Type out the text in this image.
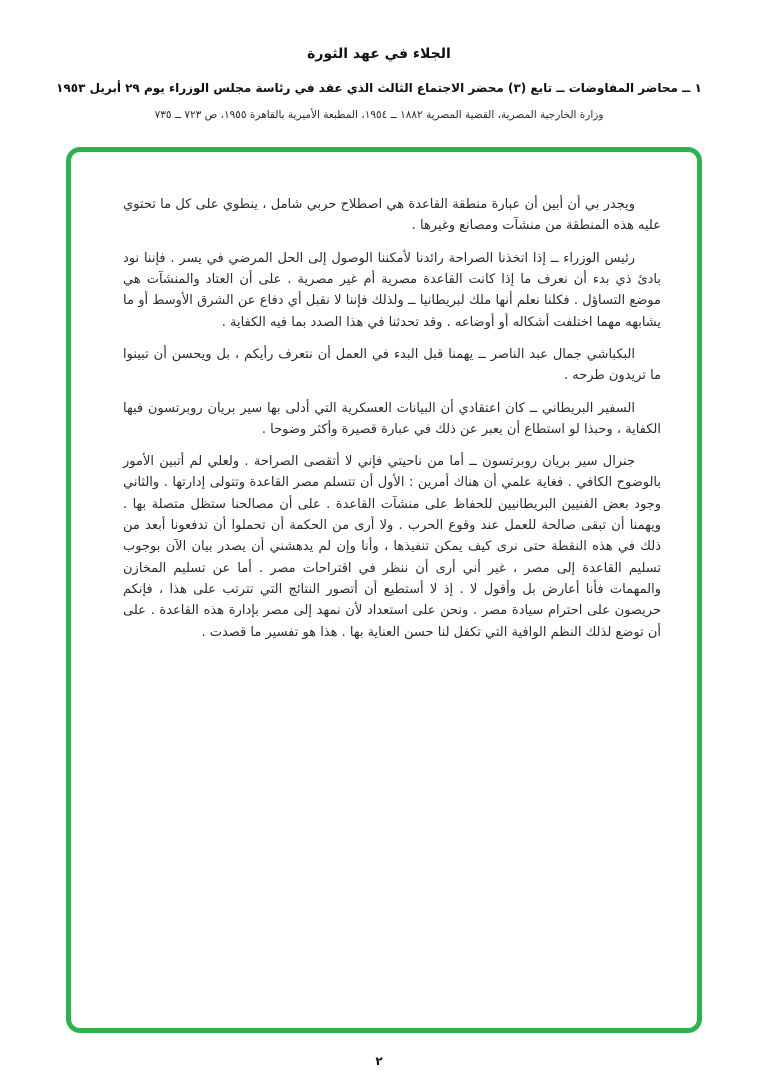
الجلاء في عهد الثورة
١ ــ محاضر المفاوضات ــ تابع (٣) محضر الاجتماع الثالث الذي عقد في رئاسة مجلس الوزراء يوم ٢٩ أبريل ١٩٥٣
وزارة الخارجية المصرية، القضية المصرية ١٨٨٢ ــ ١٩٥٤، المطبعة الأميرية بالقاهرة ١٩٥٥، ص ٧٢٣ ــ ٧٣٥

ويجدر بي أن أبين أن عبارة منطقة القاعدة هي اصطلاح حربي شامل ، ينطوي على كل ما تحتوي عليه هذه المنطقة من منشآت ومصانع وغيرها .

رئيس الوزراء ــ إذا اتخذنا الصراحة رائدنا لأمكننا الوصول إلى الحل المرضي في يسر . فإننا نود بادئ ذي بدء أن نعرف ما إذا كانت القاعدة مصرية أم غير مصرية . على أن العتاد والمنشآت هي موضع التساؤل . فكلنا نعلم أنها ملك لبريطانيا ــ ولذلك فإننا لا نقبل أي دفاع عن الشرق الأوسط أو ما يشابهه مهما اختلفت أشكاله أو أوضاعه . وقد تحدثنا في هذا الصدد بما فيه الكفاية .

البكباشي جمال عبد الناصر ــ يهمنا قبل البدء في العمل أن نتعرف رأيكم ، بل ويحسن أن تبينوا ما تريدون طرحه .

السفير البريطاني ــ كان اعتقادي أن البيانات العسكرية التي أدلى بها سير بريان روبرتسون فيها الكفاية ، وحبذا لو استطاع أن يعبر عن ذلك في عبارة قصيرة وأكثر وضوحا .

جنرال سير بريان روبرتسون ــ أما من ناحيتي فإني لا أتقصى الصراحة . ولعلي لم أتبين الأمور بالوضوح الكافي . فغاية علمي أن هناك أمرين : الأول أن تتسلم مصر القاعدة وتتولى إدارتها . والثاني وجود بعض الفنيين البريطانيين للحفاظ على منشآت القاعدة . على أن مصالحنا ستظل متصلة بها . ويهمنا أن تبقى صالحة للعمل عند وقوع الحرب . ولا أرى من الحكمة أن تحملوا أن تدفعونا أبعد من ذلك في هذه النقطة حتى نرى كيف يمكن تنفيذها ، وأنا وإن لم يدهشني أن يصدر بيان الآن بوجوب تسليم القاعدة إلى مصر ، غير أني أرى أن ننظر في اقتراحات مصر . أما عن تسليم المخازن والمهمات فأنا أعارض بل وأقول لا . إذ لا أستطيع أن أتصور النتائج التي تترتب على هذا ، فإنكم حريصون على احترام سيادة مصر . ونحن على استعداد لأن نمهد إلى مصر بإدارة هذه القاعدة . على أن توضع لذلك النظم الوافية التي تكفل لنا حسن العناية بها . هذا هو تفسير ما قصدت .

٢
